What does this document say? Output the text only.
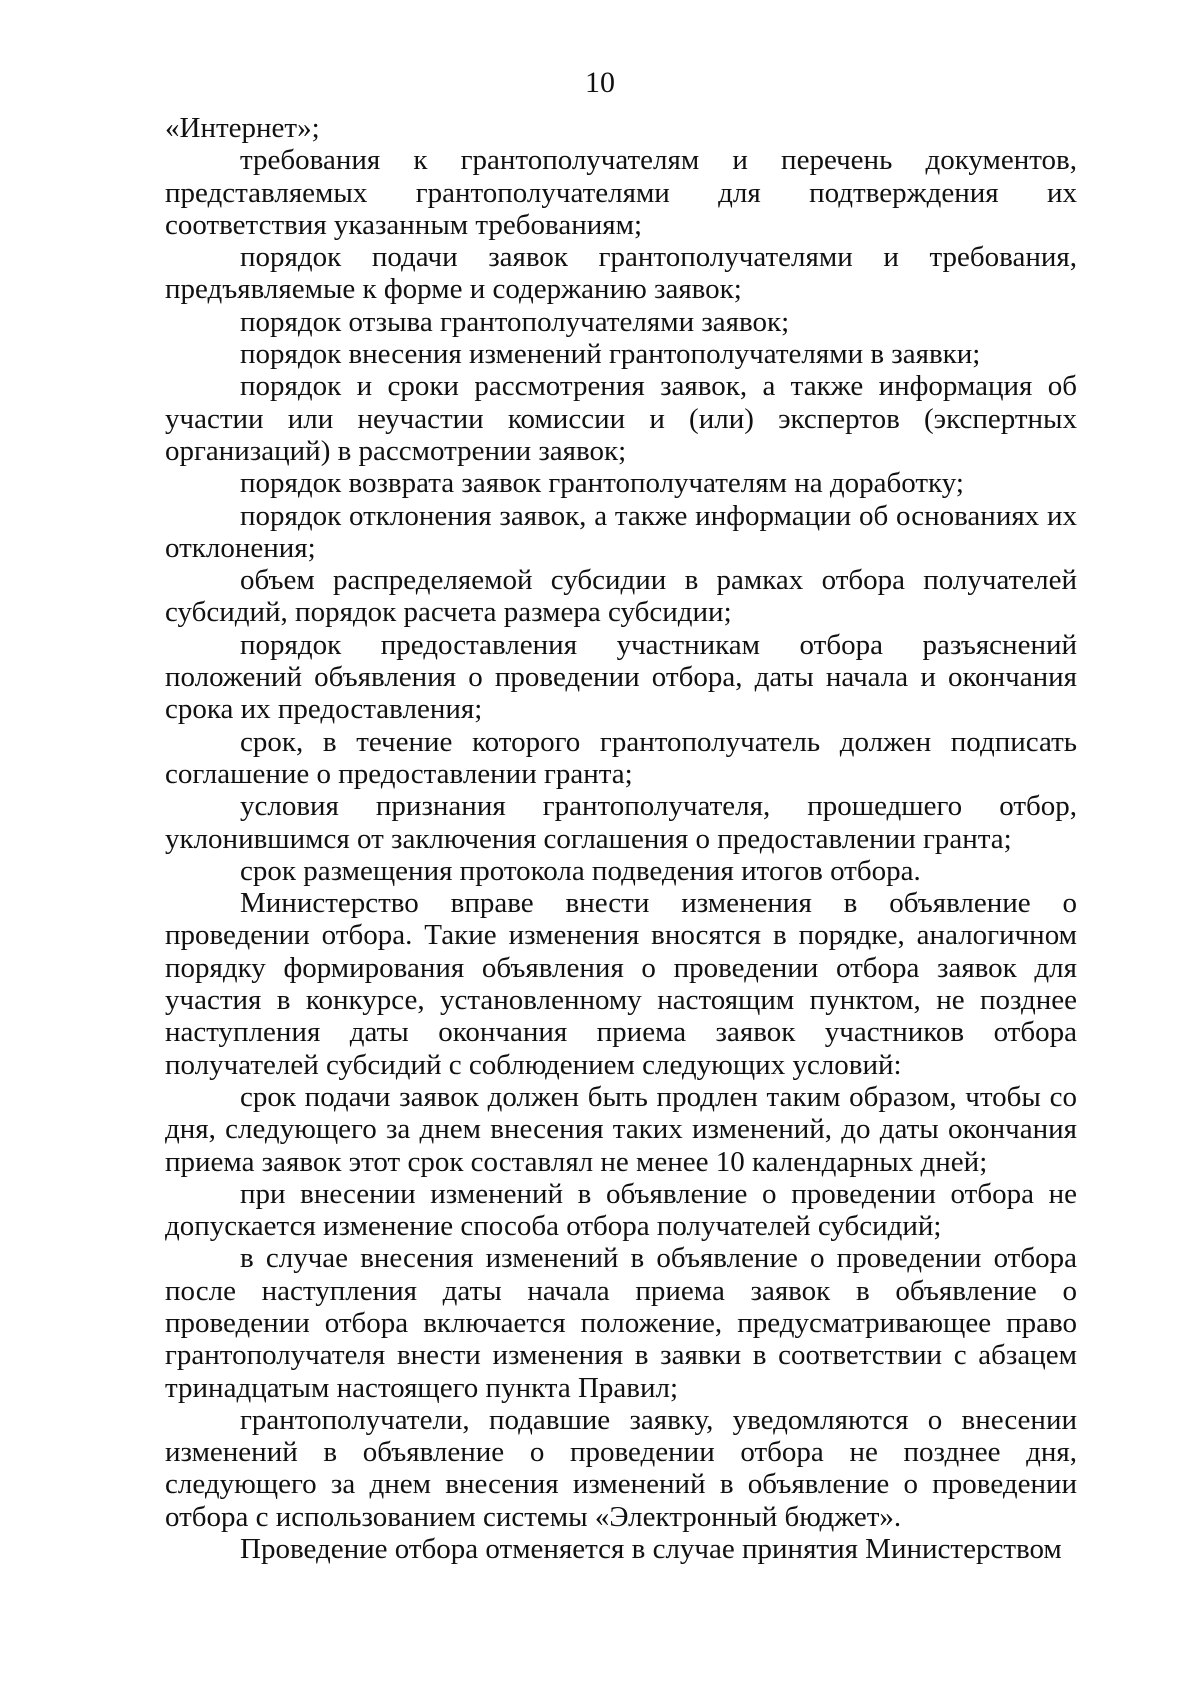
10

«Интернет»;

требования к грантополучателям и перечень документов, представляемых грантополучателями для подтверждения их соответствия указанным требованиям;

порядок подачи заявок грантополучателями и требования, предъявляемые к форме и содержанию заявок;

порядок отзыва грантополучателями заявок;

порядок внесения изменений грантополучателями в заявки;

порядок и сроки рассмотрения заявок, а также информация об участии или неучастии комиссии и (или) экспертов (экспертных организаций) в рассмотрении заявок;

порядок возврата заявок грантополучателям на доработку;

порядок отклонения заявок, а также информации об основаниях их отклонения;

объем распределяемой субсидии в рамках отбора получателей субсидий, порядок расчета размера субсидии;

порядок предоставления участникам отбора разъяснений положений объявления о проведении отбора, даты начала и окончания срока их предоставления;

срок, в течение которого грантополучатель должен подписать соглашение о предоставлении гранта;

условия признания грантополучателя, прошедшего отбор, уклонившимся от заключения соглашения о предоставлении гранта;

срок размещения протокола подведения итогов отбора.

Министерство вправе внести изменения в объявление о проведении отбора. Такие изменения вносятся в порядке, аналогичном порядку формирования объявления о проведении отбора заявок для участия в конкурсе, установленному настоящим пунктом, не позднее наступления даты окончания приема заявок участников отбора получателей субсидий с соблюдением следующих условий:

срок подачи заявок должен быть продлен таким образом, чтобы со дня, следующего за днем внесения таких изменений, до даты окончания приема заявок этот срок составлял не менее 10 календарных дней;

при внесении изменений в объявление о проведении отбора не допускается изменение способа отбора получателей субсидий;

в случае внесения изменений в объявление о проведении отбора после наступления даты начала приема заявок в объявление о проведении отбора включается положение, предусматривающее право грантополучателя внести изменения в заявки в соответствии с абзацем тринадцатым настоящего пункта Правил;

грантополучатели, подавшие заявку, уведомляются о внесении изменений в объявление о проведении отбора не позднее дня, следующего за днем внесения изменений в объявление о проведении отбора с использованием системы «Электронный бюджет».

Проведение отбора отменяется в случае принятия Министерством
